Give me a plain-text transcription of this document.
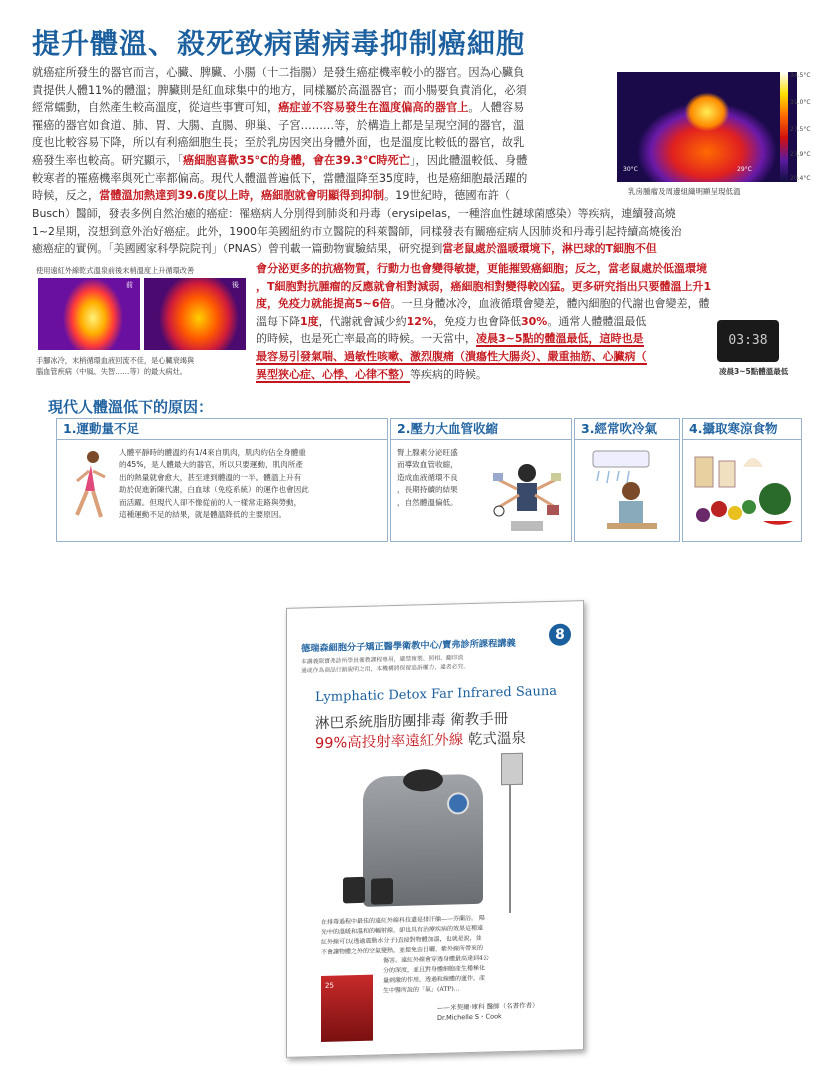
提升體溫、殺死致病菌病毒抑制癌細胞
就癌症所發生的器官而言，心臟、脾臟、小腸（十二指腸）是發生癌症機率較小的器官。因為心臟負
責提供人體11%的體溫；脾臟則是紅血球集中的地方，同樣屬於高溫器官；而小腸要負責消化，必須
經常蠕動，自然產生較高溫度，從這些事實可知，癌症並不容易發生在溫度偏高的器官上。人體容易
罹癌的器官如食道、肺、胃、大腸、直腸、卵巢、子宮………等，於構造上都是呈現空洞的器官，溫
度也比較容易下降，所以有利癌細胞生長；至於乳房因突出身體外面，也是溫度比較低的器官，故乳
癌發生率也較高。研究顯示，「癌細胞喜歡35℃的身體，會在39.3℃時死亡」，因此體溫較低、身體
較寒者的罹癌機率與死亡率都偏高。現代人體溫普遍低下，當體溫降至35度時，也是癌細胞最活躍的
時候，反之，當體溫加熱達到39.6度以上時，癌細胞就會明顯得到抑制。19世紀時，德國布許（
Busch）醫師，發表多例自然治癒的癌症：罹癌病人分別得到肺炎和丹毒（erysipelas，一種溶血性鏈球菌感染）等疾病，連續發高燒
1~2星期，沒想到意外治好癌症。此外，1900年美國紐約市立醫院的科萊醫師，同樣發表有關癌症病人因肺炎和丹毒引起持續高燒後治
癒癌症的實例。「美國國家科學院院刊」（PNAS）曾刊載一篇動物實驗結果，研究提到當老鼠處於溫暖環境下，淋巴球的T細胞不但
30°C	29°C
34.5°C
31.0°C
27.5°C
23.9°C
20.4°C
乳房腫瘤及周邊組織明顯呈現低溫
使用遠紅外線乾式溫泉前後末梢溫度上升循環改善
前	後
手腳冰冷，末梢循環血液回流不佳，是心臟衰竭與
腦血管疾病（中風、失智……等）的最大病灶。
會分泌更多的抗癌物質，行動力也會變得敏捷，更能摧毀癌細胞；反之，當老鼠處於低溫環境
，T細胞對抗腫瘤的反應就會相對減弱，癌細胞相對變得較凶猛。更多研究指出只要體溫上升1
度，免疫力就能提高5~6倍。一旦身體冰冷，血液循環會變差，體內細胞的代謝也會變差，體
溫每下降1度，代謝就會減少約12%，免疫力也會降低30%。通常人體體溫最低
的時候，也是死亡率最高的時候。一天當中，凌晨3~5點的體溫最低，這時也是
最容易引發氣喘、過敏性咳嗽、激烈腹痛（潰瘍性大腸炎）、嚴重抽筋、心臟病（
異型狹心症、心悸、心律不整）等疾病的時候。
03:38
凌晨3~5點體溫最低
現代人體溫低下的原因：
1.運動量不足
人體平靜時的體溫約有1/4來自肌肉，肌肉約佔全身體重
的45%，是人體最大的器官，所以只要運動，肌肉所產
出的熱量就會愈大，甚至達到體溫的一半。體溫上升有
助於促進新陳代謝，白血球（免疫系統）的運作也會因此
而活躍。但現代人卻不像從前的人一樣常走路與勞動，
這種運動不足的結果，就是體溫降低的主要原因。
2.壓力大血管收縮
腎上腺素分泌旺盛
而導致血管收縮，
造成血液循環不良
，長期持續的結果
，自然體溫偏低。
3.經常吹冷氣	4.攝取寒涼食物
德瑞森細胞分子矯正醫學衛教中心/寶弗診所課程講義
8
本講義限寶弗診所學員衛教課程專用，嚴禁複製、照相、翻印流
通或作為商品行銷說明之用，本機構將保留追訴權力，違者必究。
Lymphatic Detox Far Infrared Sauna
淋巴系統脂肪團排毒 衛教手冊
99%高投射率遠紅外線 乾式溫泉
在排毒過程中最佳的遠紅外線科技還是排汗艙——芬蘭浴。 陽
光中的溫暖和溫和的輻射線，卻也具有治療疾病的效果這種遠
紅外線可以(透過震動水分子)直接對物體加溫，也就是說，並
不會讓物體之外的空氣變熱，並提免由日曬、紫外線所帶來的
傷害。遠紅外線會穿透身體最高達到4公
分的深度，並且對身體細胞產生穩極化
量刺激的作用，透過粒線體的運作，產
生中醫所說的「氣」(ATP)...
25
——米契爾·庫科 醫師（名書作者）
Dr.Michelle S・Cook
